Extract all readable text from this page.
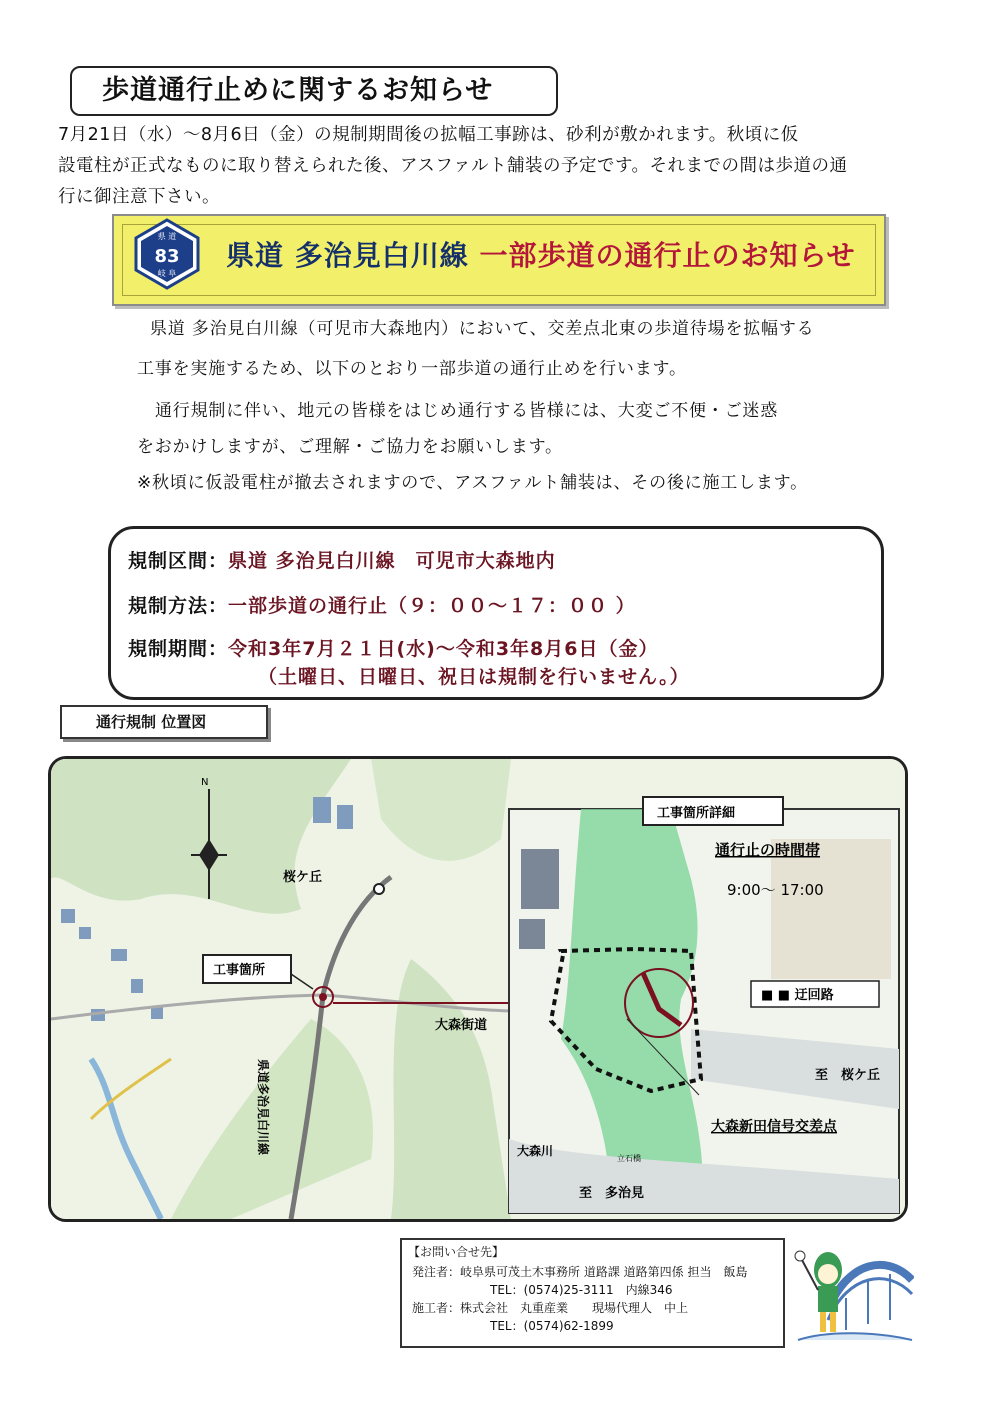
歩道通行止めに関するお知らせ
7月21日（水）～8月6日（金）の規制期間後の拡幅工事跡は、砂利が敷かれます。秋頃に仮
設電柱が正式なものに取り替えられた後、アスファルト舗装の予定です。それまでの間は歩道の通
行に御注意下さい。
県 道
83
岐 阜
県道 多治見白川線 一部歩道の通行止のお知らせ
県道 多治見白川線（可児市大森地内）において、交差点北東の歩道待場を拡幅する
工事を実施するため、以下のとおり一部歩道の通行止めを行います。
通行規制に伴い、地元の皆様をはじめ通行する皆様には、大変ご不便・ご迷惑
をおかけしますが、ご理解・ご協力をお願いします。
※秋頃に仮設電柱が撤去されますので、アスファルト舗装は、その後に施工します。
規制区間：県道 多治見白川線　可児市大森地内
規制方法：一部歩道の通行止（９：００～１７：００ ）
規制期間：令和3年7月２１日(水)～令和3年8月6日（金）
（土曜日、日曜日、祝日は規制を行いません。）
通行規制 位置図
N
桜ケ丘
工事箇所
大森街道
県道多治見白川線
工事箇所詳細
通行止の時間帯
9:00～ 17:00
■ ■ 迂回路
至　桜ケ丘
大森新田信号交差点
大森川
立石橋
至　多治見
【お問い合せ先】
発注者：岐阜県可茂土木事務所 道路課 道路第四係 担当　飯島
TEL：(0574)25-3111　内線346
施工者：株式会社　丸重産業　　現場代理人　中上
TEL：(0574)62-1899
